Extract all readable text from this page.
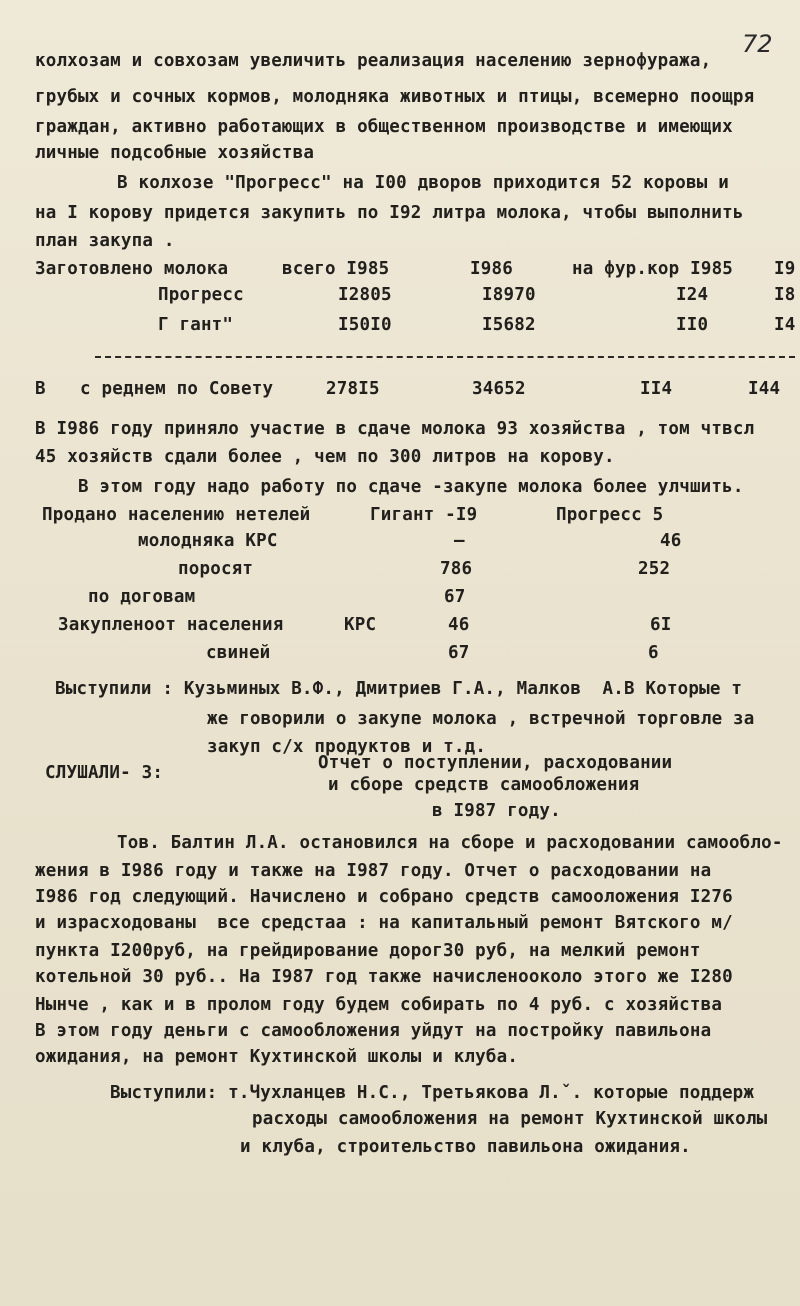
72
колхозам и совхозам увеличить реализация населению зернофуража,
грубых и сочных кормов, молодняка животных и птицы, всемерно поощря
граждан, активно работающих в общественном производстве и имеющих
личные подсобные хозяйства
В колхозе "Прогресс" на I00 дворов приходится 52 коровы и
на I корову придется закупить по I92 литра молока, чтобы выполнить
план закупа .
Заготовлено молока	всего I985	I986	на фур.кор I985 I9
Прогресс	I2805	I8970	I24	I8
Г гант"	I50I0	I5682	II0	I4
В с реднем по Совету	278I5	34652	II4	I44
В I986 году приняло участие в сдаче молока 93 хозяйства , том чтвсл
45 хозяйств сдали более , чем по 300 литров на корову.
В этом году надо работу по сдаче -закупе молока более улчшить.
Продано населению нетелей	Гигант -I9	Прогресс 5
молодняка КРС	–	46
поросят	786	252
по договам	67
Закупленоот населения	КРС	46	6I
свиней	67	6
Выступили : Кузьминых В.Ф., Дмитриев Г.А., Малков  А.В Которые т
же говорили о закупе молока , встречной торговле за
закуп с/х продуктов и т.д.
СЛУШАЛИ- 3:	Отчет о поступлении, расходовании
и сборе средств самообложения
в I987 году.
Тов. Балтин Л.А. остановился на сборе и расходовании самообло-
жения в I986 году и также на I987 году. Отчет о расходовании на
I986 год следующий. Начислено и собрано средств самооложения I276
и израсходованы  все средстаа : на капитальный ремонт Вятского м/
пункта I200руб, на грейдирование дорог30 руб, на мелкий ремонт
котельной 30 руб.. Hа I987 год также начисленооколо этого же I280
Нынче , как и в пролом году будем собирать по 4 руб. с хозяйства
В этом году деньги с самообложения уйдут на постройку павильона
ожидания, на ремонт Кухтинской школы и клуба.
Выступили: т.Чухланцев Н.С., Третьякова Л.ˇ. которые поддерж
расходы самообложения на ремонт Кухтинской школы
и клуба, строительство павильона ожидания.
